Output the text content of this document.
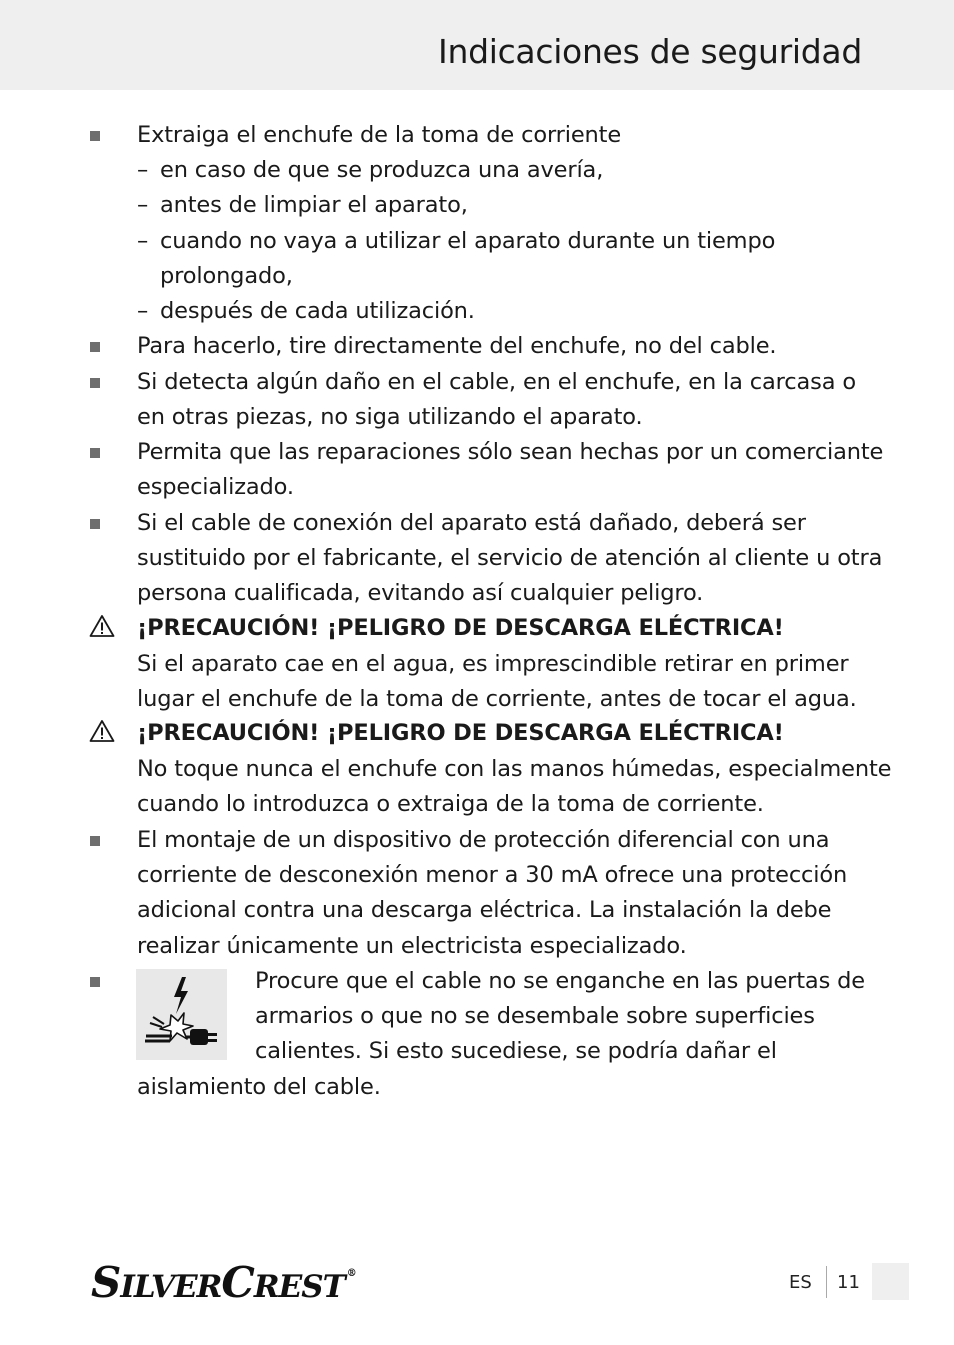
Indicaciones de seguridad
Extraiga el enchufe de la toma de corriente
– en caso de que se produzca una avería,
– antes de limpiar el aparato,
– cuando no vaya a utilizar el aparato durante un tiempo
prolongado,
– después de cada utilización.
Para hacerlo, tire directamente del enchufe, no del cable.
Si detecta algún daño en el cable, en el enchufe, en la carcasa o
en otras piezas, no siga utilizando el aparato.
Permita que las reparaciones sólo sean hechas por un comerciante
especializado.
Si el cable de conexión del aparato está dañado, deberá ser
sustituido por el fabricante, el servicio de atención al cliente u otra
persona cualificada, evitando así cualquier peligro.
¡PRECAUCIÓN! ¡PELIGRO DE DESCARGA ELÉCTRICA!
Si el aparato cae en el agua, es imprescindible retirar en primer
lugar el enchufe de la toma de corriente, antes de tocar el agua.
¡PRECAUCIÓN! ¡PELIGRO DE DESCARGA ELÉCTRICA!
No toque nunca el enchufe con las manos húmedas, especialmente
cuando lo introduzca o extraiga de la toma de corriente.
El montaje de un dispositivo de protección diferencial con una
corriente de desconexión menor a 30 mA ofrece una protección
adicional contra una descarga eléctrica. La instalación la debe
realizar únicamente un electricista especializado.
Procure que el cable no se enganche en las puertas de
armarios o que no se desembale sobre superficies
calientes. Si esto sucediese, se podría dañar el
aislamiento del cable.
SILVERCREST ®	ES 11
